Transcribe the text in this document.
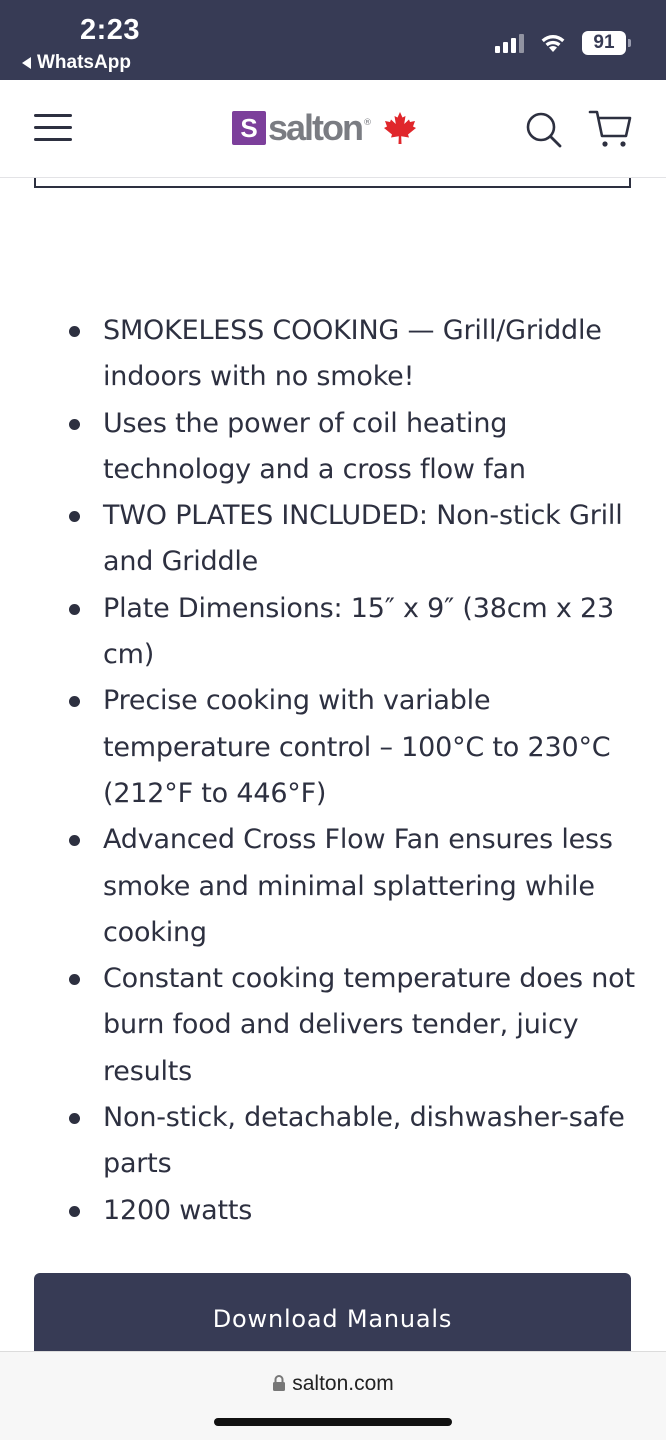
2:23
WhatsApp
91
S salton ®
SMOKELESS COOKING — Grill/Griddle indoors with no smoke!
Uses the power of coil heating technology and a cross flow fan
TWO PLATES INCLUDED: Non-stick Grill and Griddle
Plate Dimensions: 15″ x 9″ (38cm x 23 cm)
Precise cooking with variable temperature control – 100°C to 230°C (212°F to 446°F)
Advanced Cross Flow Fan ensures less smoke and minimal splattering while cooking
Constant cooking temperature does not burn food and delivers tender, juicy results
Non-stick, detachable, dishwasher-safe parts
1200 watts
Download Manuals
salton.com
